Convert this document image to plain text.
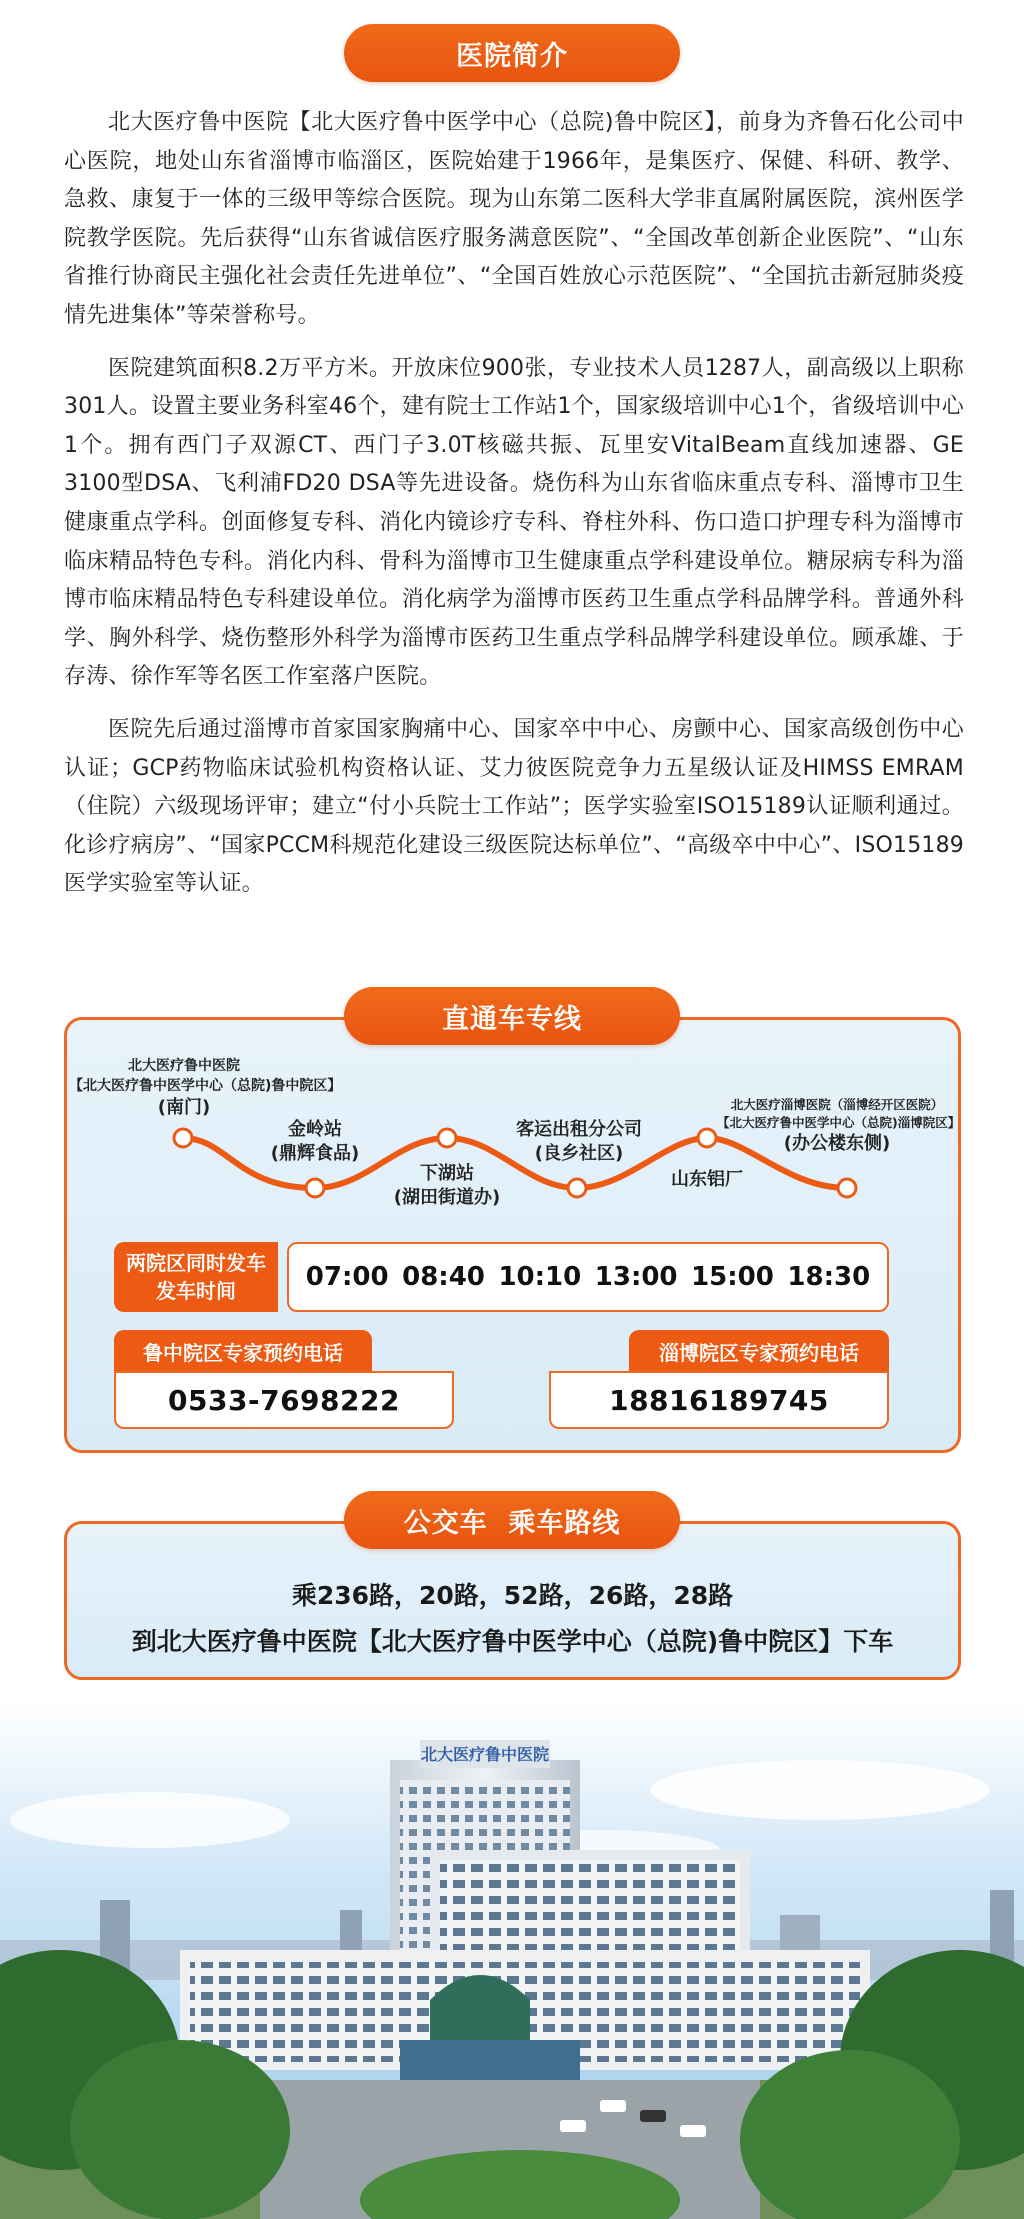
医院简介

北大医疗鲁中医院【北大医疗鲁中医学中心（总院)鲁中院区】，前身为齐鲁石化公司中心医院，地处山东省淄博市临淄区，医院始建于1966年，是集医疗、保健、科研、教学、急救、康复于一体的三级甲等综合医院。现为山东第二医科大学非直属附属医院，滨州医学院教学医院。先后获得“山东省诚信医疗服务满意医院”、“全国改革创新企业医院”、“山东省推行协商民主强化社会责任先进单位”、“全国百姓放心示范医院”、“全国抗击新冠肺炎疫情先进集体”等荣誉称号。

医院建筑面积8.2万平方米。开放床位900张，专业技术人员1287人，副高级以上职称301人。设置主要业务科室46个，建有院士工作站1个，国家级培训中心1个，省级培训中心1个。拥有西门子双源CT、西门子3.0T核磁共振、瓦里安VitalBeam直线加速器、GE 3100型DSA、飞利浦FD20 DSA等先进设备。烧伤科为山东省临床重点专科、淄博市卫生健康重点学科。创面修复专科、消化内镜诊疗专科、脊柱外科、伤口造口护理专科为淄博市临床精品特色专科。消化内科、骨科为淄博市卫生健康重点学科建设单位。糖尿病专科为淄博市临床精品特色专科建设单位。消化病学为淄博市医药卫生重点学科品牌学科。普通外科学、胸外科学、烧伤整形外科学为淄博市医药卫生重点学科品牌学科建设单位。顾承雄、于存涛、徐作军等名医工作室落户医院。

医院先后通过淄博市首家国家胸痛中心、国家卒中中心、房颤中心、国家高级创伤中心认证；GCP药物临床试验机构资格认证、艾力彼医院竞争力五星级认证及HIMSS EMRAM（住院）六级现场评审；建立“付小兵院士工作站”；医学实验室ISO15189认证顺利通过。化诊疗病房”、“国家PCCM科规范化建设三级医院达标单位”、“高级卒中中心”、ISO15189医学实验室等认证。

直通车专线
北大医疗鲁中医院
【北大医疗鲁中医学中心（总院)鲁中院区】
(南门)
金岭站
(鼎辉食品)
下湖站
(湖田街道办)
客运出租分公司
(良乡社区)
山东铝厂
北大医疗淄博医院（淄博经开区医院）
【北大医疗鲁中医学中心（总院)淄博院区】
(办公楼东侧)
两院区同时发车
发车时间	07:00 08:40 10:10 13:00 15:00 18:30
鲁中院区专家预约电话
0533-7698222
淄博院区专家预约电话
18816189745
公交车  乘车路线
乘236路，20路，52路，26路，28路
到北大医疗鲁中医院【北大医疗鲁中医学中心（总院)鲁中院区】下车
北大医疗鲁中医院
